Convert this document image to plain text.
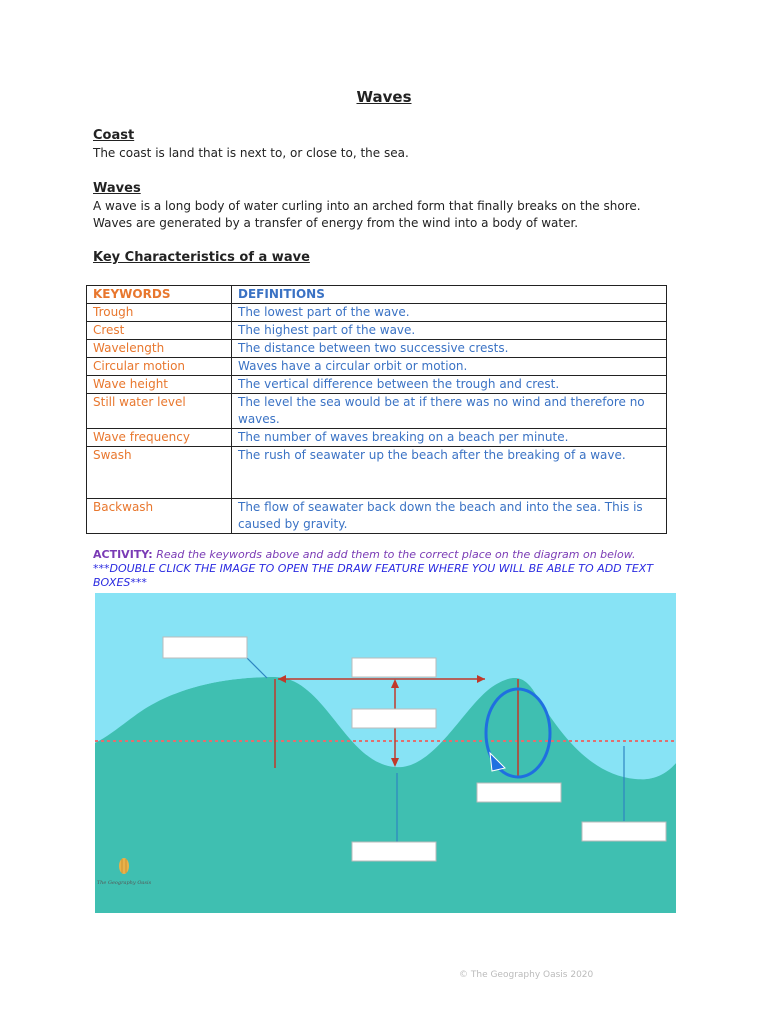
Waves
Coast
The coast is land that is next to, or close to, the sea.
Waves
A wave is a long body of water curling into an arched form that finally breaks on the shore. Waves are generated by a transfer of energy from the wind into a body of water.
Key Characteristics of a wave
KEYWORDS	DEFINITIONS
Trough	The lowest part of the wave.
Crest	The highest part of the wave.
Wavelength	The distance between two successive crests.
Circular motion	Waves have a circular orbit or motion.
Wave height	The vertical difference between the trough and crest.
Still water level	The level the sea would be at if there was no wind and therefore no waves.
Wave frequency	The number of waves breaking on a beach per minute.
Swash	The rush of seawater up the beach after the breaking of a wave.
Backwash	The flow of seawater back down the beach and into the sea. This is caused by gravity.
ACTIVITY: Read the keywords above and add them to the correct place on the diagram on below. ***DOUBLE CLICK THE IMAGE TO OPEN THE DRAW FEATURE WHERE YOU WILL BE ABLE TO ADD TEXT BOXES***
The Geography Oasis
© The Geography Oasis 2020
